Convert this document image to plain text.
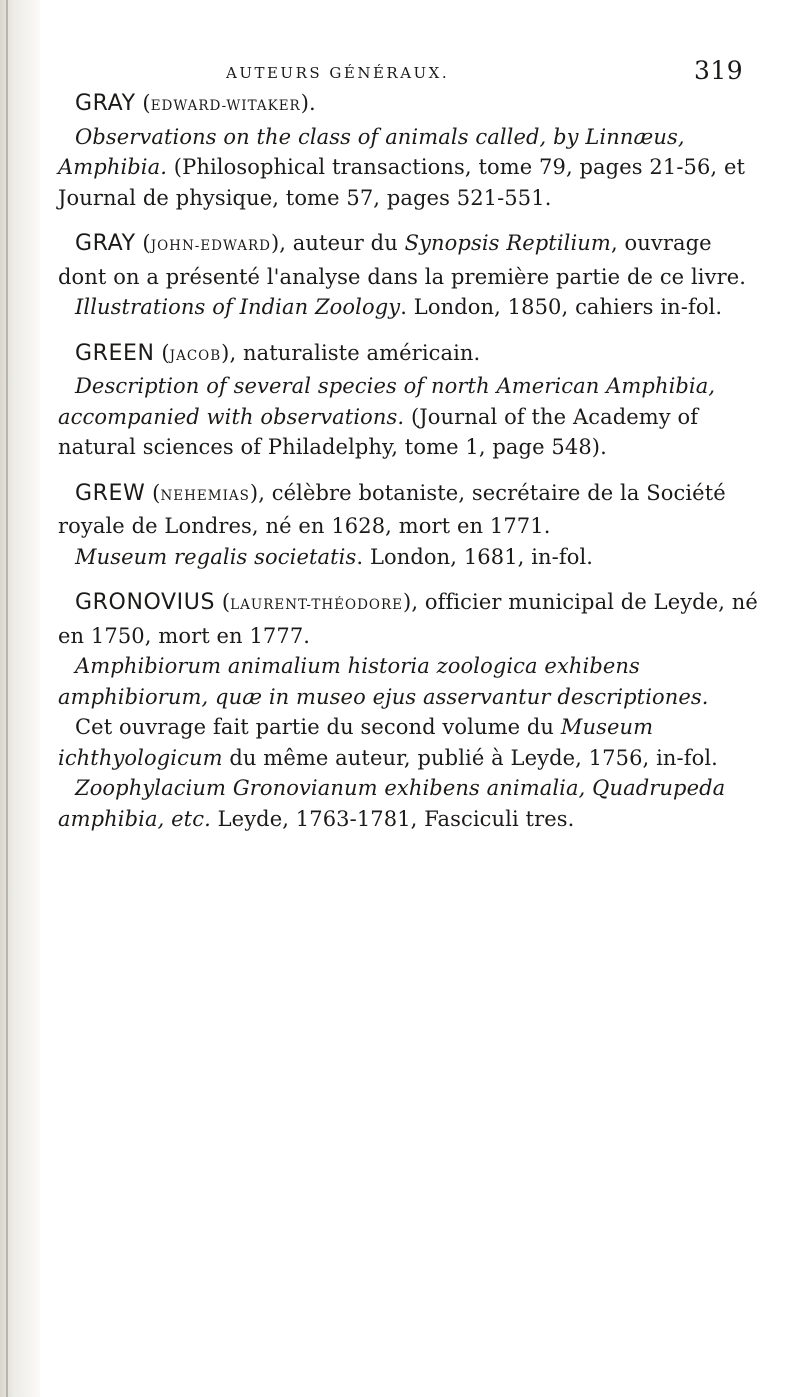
AUTEURS GÉNÉRAUX.	319

GRAY (EDWARD-WITAKER).

Observations on the class of animals called, by Linnæus, Amphibia. (Philosophical transactions, tome 79, pages 21-56, et Journal de physique, tome 57, pages 521-551.

GRAY (JOHN-EDWARD), auteur du Synopsis Reptilium, ouvrage dont on a présenté l'analyse dans la première partie de ce livre.

Illustrations of Indian Zoology. London, 1850, cahiers in-fol.

GREEN (JACOB), naturaliste américain.

Description of several species of north American Amphibia, accompanied with observations. (Journal of the Academy of natural sciences of Philadelphy, tome 1, page 548).

GREW (NEHEMIAS), célèbre botaniste, secrétaire de la Société royale de Londres, né en 1628, mort en 1771.

Museum regalis societatis. London, 1681, in-fol.

GRONOVIUS (LAURENT-THÉODORE), officier municipal de Leyde, né en 1750, mort en 1777.

Amphibiorum animalium historia zoologica exhibens amphibiorum, quæ in museo ejus asservantur descriptiones.

Cet ouvrage fait partie du second volume du Museum ichthyologicum du même auteur, publié à Leyde, 1756, in-fol.

Zoophylacium Gronovianum exhibens animalia, Quadrupeda amphibia, etc. Leyde, 1763-1781, Fasciculi tres.
